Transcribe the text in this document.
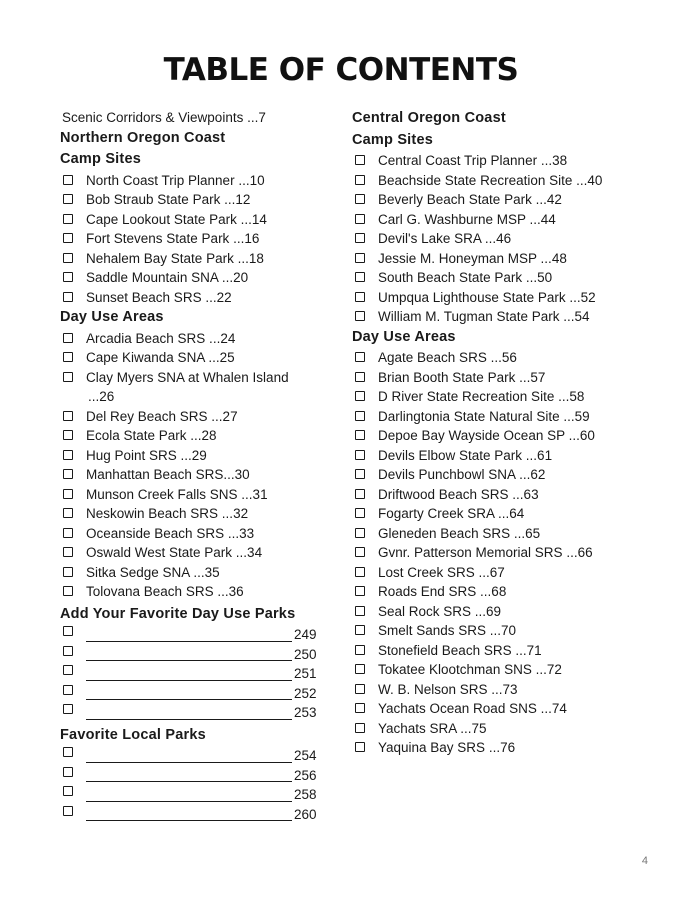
TABLE OF CONTENTS
Scenic Corridors & Viewpoints ...7
Northern Oregon Coast
Camp Sites
North Coast Trip Planner ...10
Bob Straub State Park ...12
Cape Lookout State Park ...14
Fort Stevens State Park ...16
Nehalem Bay State Park ...18
Saddle Mountain SNA ...20
Sunset Beach SRS ...22
Day Use Areas
Arcadia Beach SRS ...24
Cape Kiwanda SNA ...25
Clay Myers SNA at Whalen Island
...26
Del Rey Beach SRS ...27
Ecola State Park ...28
Hug Point SRS ...29
Manhattan Beach SRS...30
Munson Creek Falls SNS ...31
Neskowin Beach SRS ...32
Oceanside Beach SRS ...33
Oswald West State Park ...34
Sitka Sedge SNA ...35
Tolovana Beach SRS ...36
Add Your Favorite Day Use Parks
249
250
251
252
253
Favorite Local Parks
254
256
258
260
Central Oregon Coast
Camp Sites
Central Coast Trip Planner ...38
Beachside State Recreation Site ...40
Beverly Beach State Park ...42
Carl G. Washburne MSP ...44
Devil's Lake SRA ...46
Jessie M. Honeyman MSP ...48
South Beach State Park ...50
Umpqua Lighthouse State Park ...52
William M. Tugman State Park ...54
Day Use Areas
Agate Beach SRS ...56
Brian Booth State Park ...57
D River State Recreation Site ...58
Darlingtonia State Natural Site ...59
Depoe Bay Wayside Ocean SP ...60
Devils Elbow State Park ...61
Devils Punchbowl SNA ...62
Driftwood Beach SRS ...63
Fogarty Creek SRA ...64
Gleneden Beach SRS ...65
Gvnr. Patterson Memorial SRS ...66
Lost Creek SRS ...67
Roads End SRS ...68
Seal Rock SRS ...69
Smelt Sands SRS ...70
Stonefield Beach SRS ...71
Tokatee Klootchman SNS ...72
W. B. Nelson SRS ...73
Yachats Ocean Road SNS ...74
Yachats SRA ...75
Yaquina Bay SRS ...76
4
